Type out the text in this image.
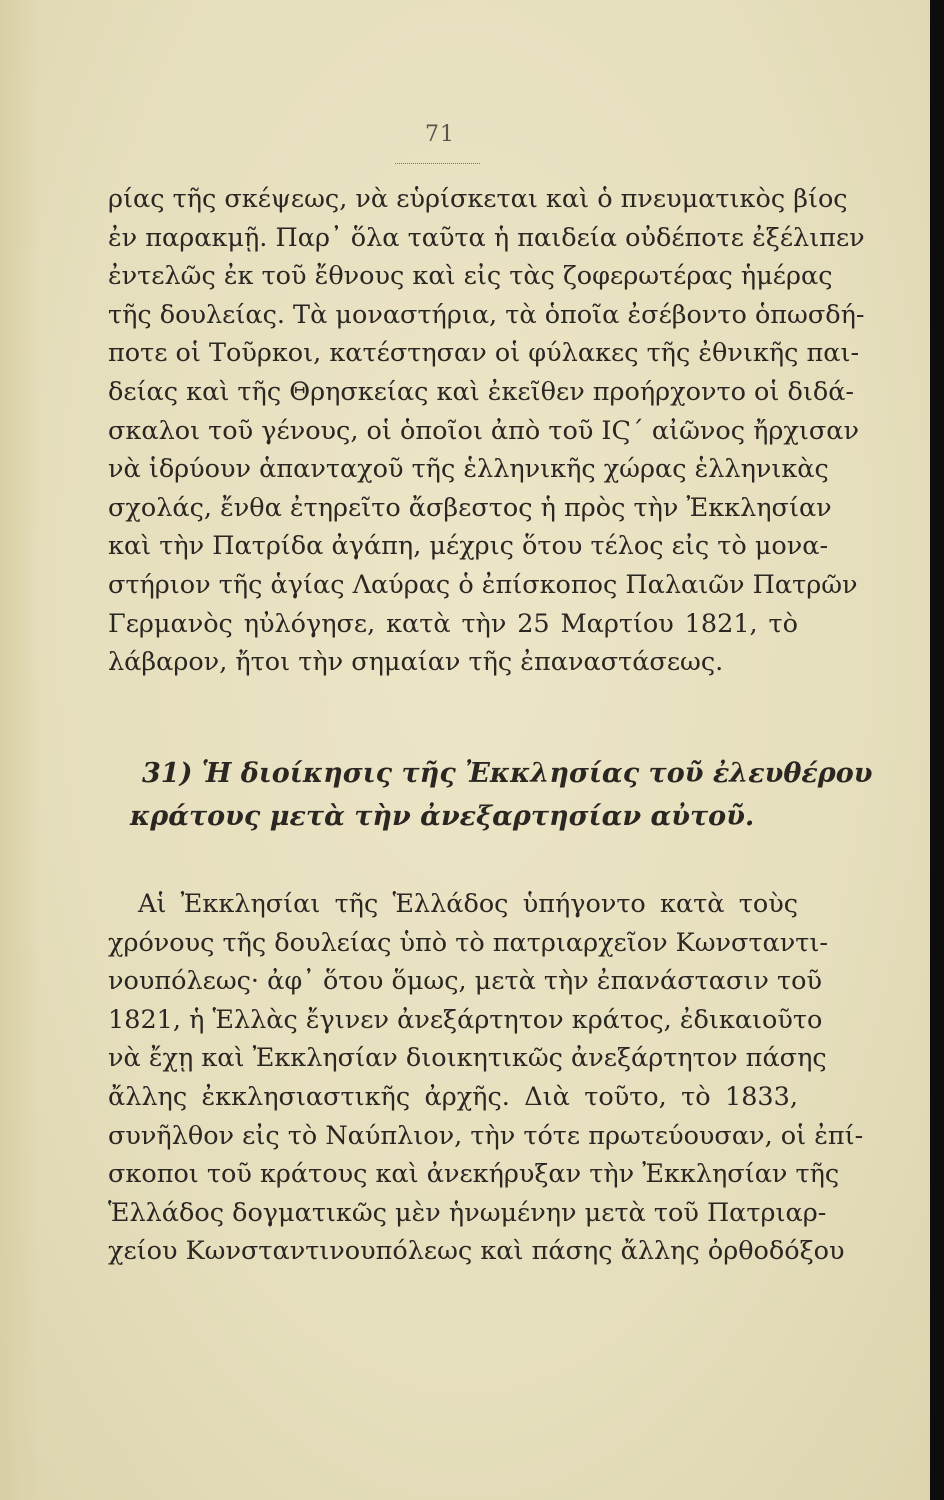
71
ρίας τῆς σκέψεως, νὰ εὑρίσκεται καὶ ὁ πνευματικὸς βίος
ἐν παρακμῇ. Παρ᾽ ὅλα ταῦτα ἡ παιδεία οὐδέποτε ἐξέλιπεν
ἐντελῶς ἐκ τοῦ ἔθνους καὶ εἰς τὰς ζοφερωτέρας ἡμέρας
τῆς δουλείας. Τὰ μοναστήρια, τὰ ὁποῖα ἐσέβοντο ὁπωσδή-
ποτε οἱ Τοῦρκοι, κατέστησαν οἱ φύλακες τῆς ἐθνικῆς παι-
δείας καὶ τῆς Θρησκείας καὶ ἐκεῖθεν προήρχοντο οἱ διδά-
σκαλοι τοῦ γένους, οἱ ὁποῖοι ἀπὸ τοῦ ΙϚ΄ αἰῶνος ἤρχισαν
νὰ ἱδρύουν ἁπανταχοῦ τῆς ἑλληνικῆς χώρας ἑλληνικὰς
σχολάς, ἔνθα ἐτηρεῖτο ἄσβεστος ἡ πρὸς τὴν Ἐκκλησίαν
καὶ τὴν Πατρίδα ἀγάπη, μέχρις ὅτου τέλος εἰς τὸ μονα-
στήριον τῆς ἁγίας Λαύρας ὁ ἐπίσκοπος Παλαιῶν Πατρῶν
Γερμανὸς ηὐλόγησε, κατὰ τὴν 25 Μαρτίου 1821, τὸ
λάβαρον, ἤτοι τὴν σημαίαν τῆς ἐπαναστάσεως.
31) Ἡ διοίκησις τῆς Ἐκκλησίας τοῦ ἐλευθέρου
κράτους μετὰ τὴν ἀνεξαρτησίαν αὐτοῦ.
Αἱ Ἐκκλησίαι τῆς Ἑλλάδος ὑπήγοντο κατὰ τοὺς
χρόνους τῆς δουλείας ὑπὸ τὸ πατριαρχεῖον Κωνσταντι-
νουπόλεως· ἀφ᾽ ὅτου ὅμως, μετὰ τὴν ἐπανάστασιν τοῦ
1821, ἡ Ἑλλὰς ἔγινεν ἀνεξάρτητον κράτος, ἐδικαιοῦτο
νὰ ἔχῃ καὶ Ἐκκλησίαν διοικητικῶς ἀνεξάρτητον πάσης
ἄλλης ἐκκλησιαστικῆς ἀρχῆς. Διὰ τοῦτο, τὸ 1833,
συνῆλθον εἰς τὸ Ναύπλιον, τὴν τότε πρωτεύουσαν, οἱ ἐπί-
σκοποι τοῦ κράτους καὶ ἀνεκήρυξαν τὴν Ἐκκλησίαν τῆς
Ἑλλάδος δογματικῶς μὲν ἡνωμένην μετὰ τοῦ Πατριαρ-
χείου Κωνσταντινουπόλεως καὶ πάσης ἄλλης ὀρθοδόξου
